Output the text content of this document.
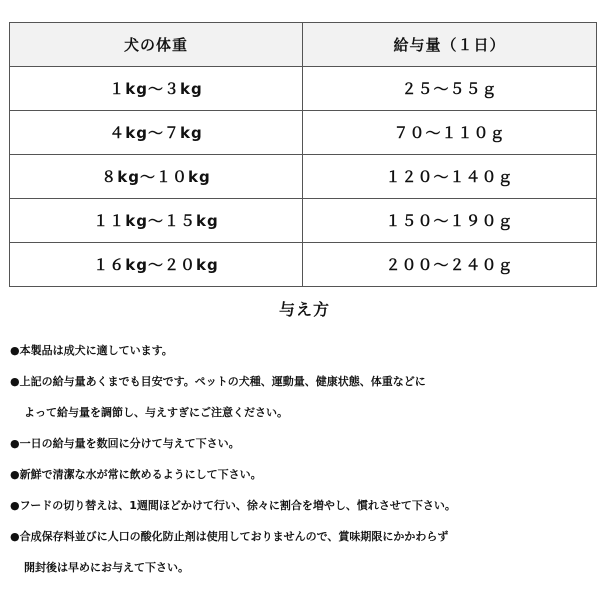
犬の体重	給与量（１日）
１kg～３kg	２５～５５ｇ
４kg～７kg	７０～１１０ｇ
８kg～１０kg	１２０～１４０ｇ
１１kg～１５kg	１５０～１９０ｇ
１６kg～２０kg	２００～２４０ｇ
与え方
●本製品は成犬に適しています。
●上記の給与量あくまでも目安です。ペットの犬種、運動量、健康状態、体重などに
よって給与量を調節し、与えすぎにご注意ください。
●一日の給与量を数回に分けて与えて下さい。
●新鮮で清潔な水が常に飲めるようにして下さい。
●フードの切り替えは、1週間ほどかけて行い、徐々に割合を増やし、慣れさせて下さい。
●合成保存料並びに人口の酸化防止剤は使用しておりませんので、賞味期限にかかわらず
開封後は早めにお与えて下さい。
